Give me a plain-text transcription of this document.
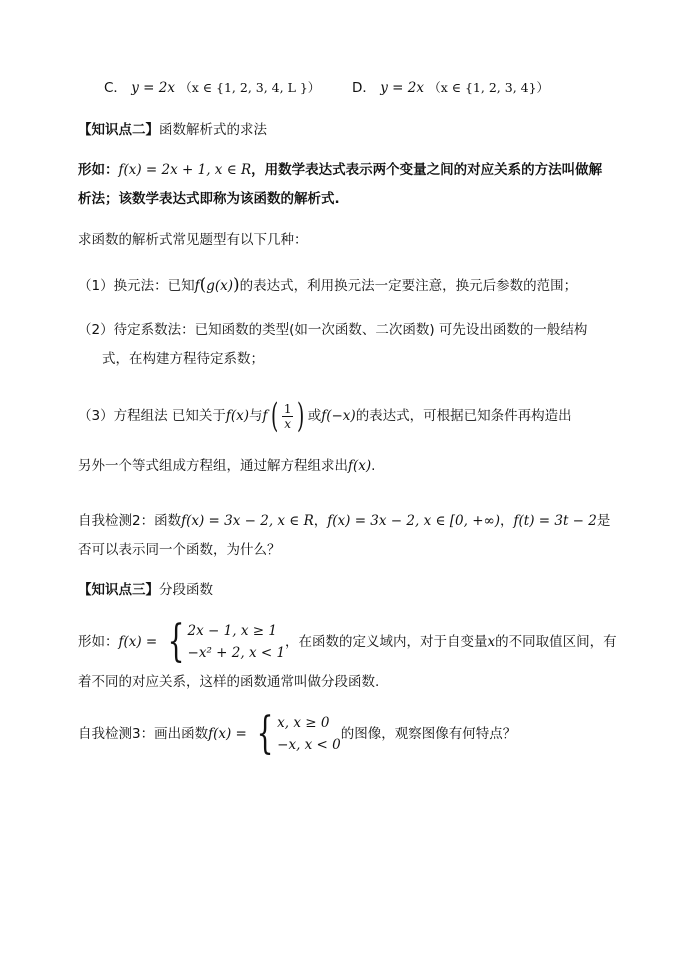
C． y = 2x （x ∈ {1, 2, 3, 4, L }） D． y = 2x （x ∈ {1, 2, 3, 4}）
【知识点二】函数解析式的求法
形如：f(x) = 2x + 1, x ∈ R，用数学表达式表示两个变量之间的对应关系的方法叫做解
析法；该数学表达式即称为该函数的解析式.
求函数的解析式常见题型有以下几种：
（1）换元法：已知f(g(x))的表达式，利用换元法一定要注意，换元后参数的范围；
（2）待定系数法：已知函数的类型(如一次函数、二次函数) 可先设出函数的一般结构
式，在构建方程待定系数；
（3）方程组法 已知关于f(x)与$f( \frac{1}{x}$ ) 或f(−x)的表达式，可根据已知条件再构造出
另外一个等式组成方程组，通过解方程组求出f(x).
自我检测2：函数f(x) = 3x − 2, x ∈ R，f(x) = 3x − 2, x ∈ [0, +∞)，f(t) = 3t − 2是
否可以表示同一个函数，为什么？
【知识点三】分段函数
形如：f(x) = { 2x − 1, x ≥ 1
−x² + 2, x < 1
，在函数的定义域内，对于自变量x的不同取值区间，有
着不同的对应关系，这样的函数通常叫做分段函数.
自我检测3：画出函数f(x) = { x, x ≥ 0
−x, x < 0
的图像，观察图像有何特点？
